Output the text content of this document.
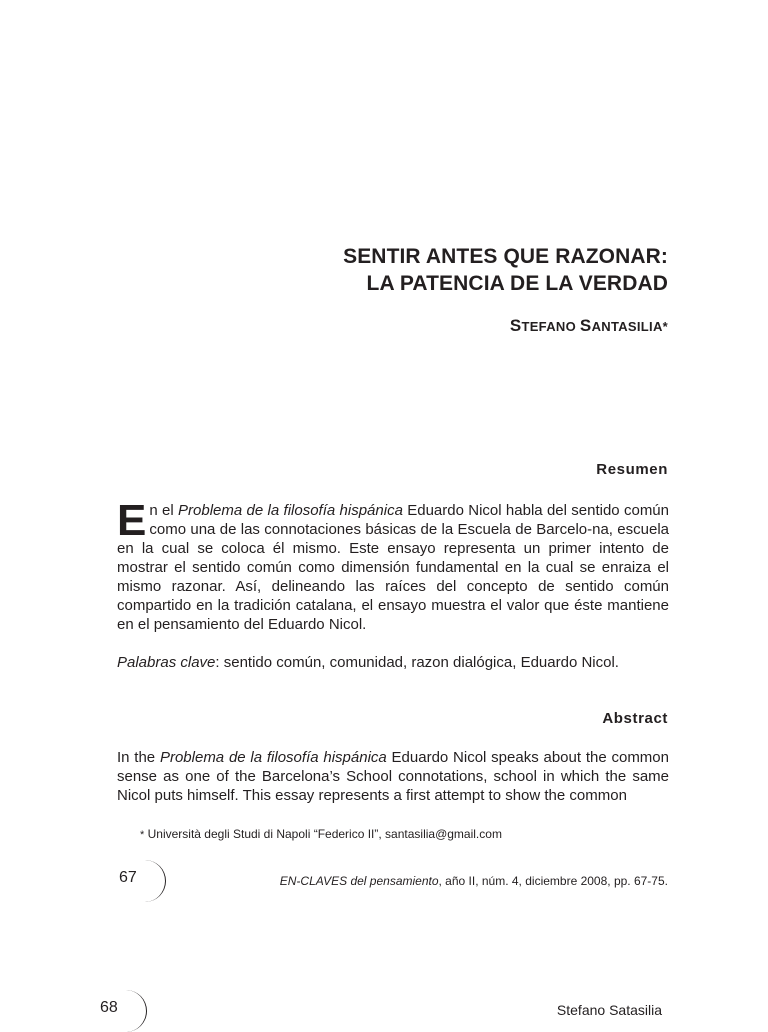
SENTIR ANTES QUE RAZONAR:
LA PATENCIA DE LA VERDAD
STEFANO SANTASILIA*
Resumen
En el Problema de la filosofía hispánica Eduardo Nicol habla del sentido común como una de las connotaciones básicas de la Escuela de Barcelo-na, escuela en la cual se coloca él mismo. Este ensayo representa un primer intento de mostrar el sentido común como dimensión fundamental en la cual se enraiza el mismo razonar. Así, delineando las raíces del concepto de sentido común compartido en la tradición catalana, el ensayo muestra el valor que éste mantiene en el pensamiento del Eduardo Nicol.
Palabras clave: sentido común, comunidad, razon dialógica, Eduardo Nicol.
Abstract
In the Problema de la filosofía hispánica Eduardo Nicol speaks about the common sense as one of the Barcelona’s School connotations, school in which the same Nicol puts himself. This essay represents a first attempt to show the common
* Università degli Studi di Napoli “Federico II”, santasilia@gmail.com
67	EN-CLAVES del pensamiento, año II, núm. 4, diciembre 2008, pp. 67-75.
68	Stefano Satasilia
